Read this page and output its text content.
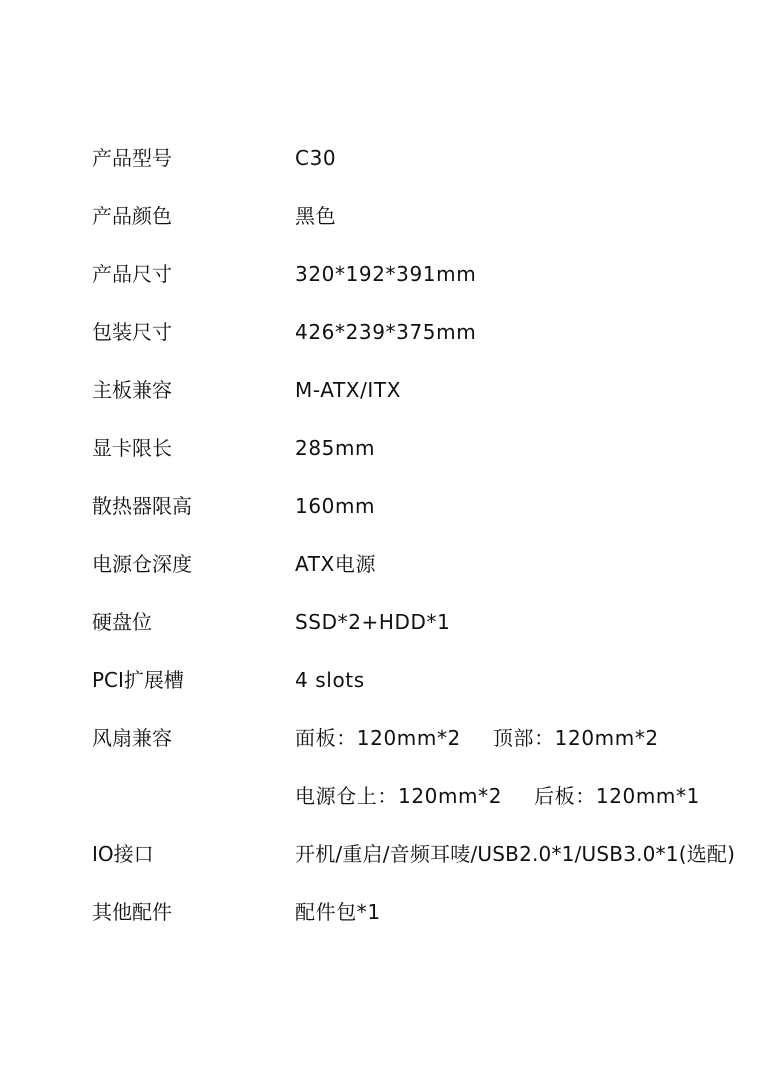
产品型号	C30
产品颜色	黑色
产品尺寸	320*192*391mm
包装尺寸	426*239*375mm
主板兼容	M-ATX/ITX
显卡限长	285mm
散热器限高	160mm
电源仓深度	ATX电源
硬盘位	SSD*2+HDD*1
PCI扩展槽	4 slots
风扇兼容	面板：120mm*2 顶部：120mm*2
电源仓上：120mm*2 后板：120mm*1
IO接口	开机/重启/音频耳唛/USB2.0*1/USB3.0*1(选配)
其他配件	配件包*1
